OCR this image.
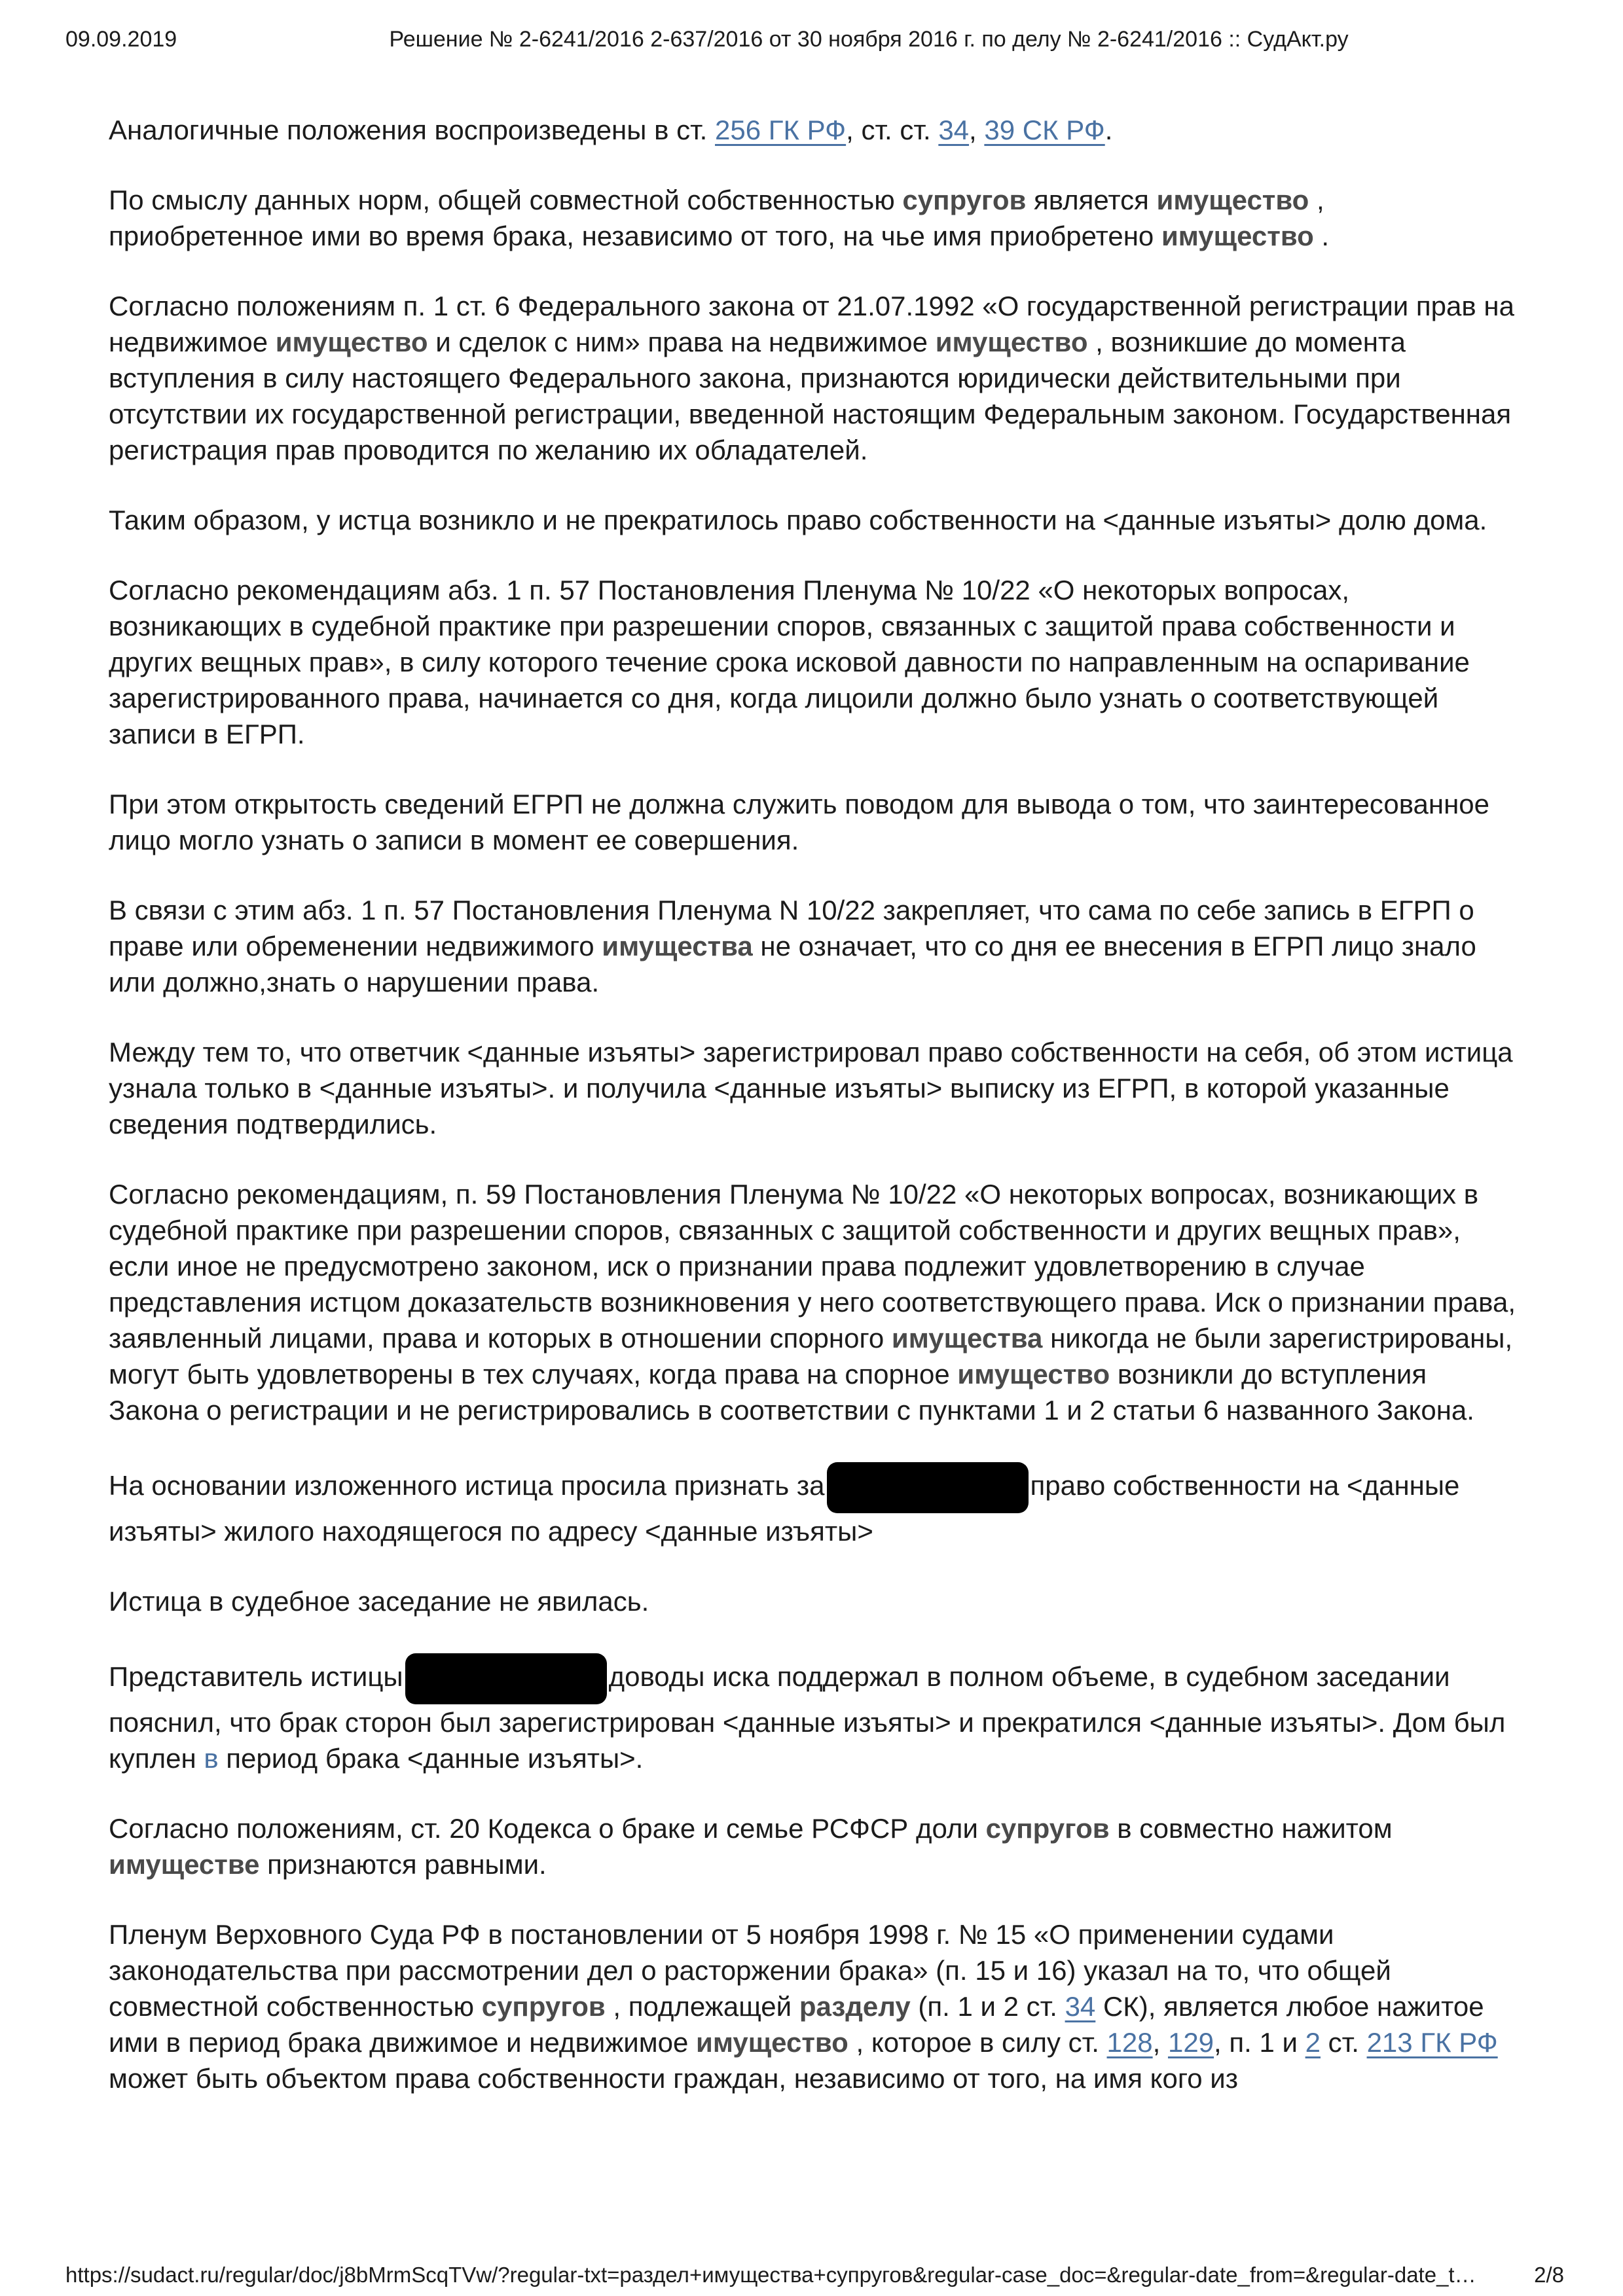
09.09.2019	Решение № 2-6241/2016 2-637/2016 от 30 ноября 2016 г. по делу № 2-6241/2016 :: СудАкт.ру

Аналогичные положения воспроизведены в ст. 256 ГК РФ, ст. ст. 34, 39 СК РФ.

По смыслу данных норм, общей совместной собственностью супругов является имущество , приобретенное ими во время брака, независимо от того, на чье имя приобретено имущество .

Согласно положениям п. 1 ст. 6 Федерального закона от 21.07.1992 «О государственной регистрации прав на недвижимое имущество и сделок с ним» права на недвижимое имущество , возникшие до момента вступления в силу настоящего Федерального закона, признаются юридически действительными при отсутствии их государственной регистрации, введенной настоящим Федеральным законом. Государственная регистрация прав проводится по желанию их обладателей.

Таким образом, у истца возникло и не прекратилось право собственности на <данные изъяты> долю дома.

Согласно рекомендациям абз. 1 п. 57 Постановления Пленума № 10/22 «О некоторых вопросах, возникающих в судебной практике при разрешении споров, связанных с защитой права собственности и других вещных прав», в силу которого течение срока исковой давности по направленным на оспаривание зарегистрированного права, начинается со дня, когда лицоили должно было узнать о соответствующей записи в ЕГРП.

При этом открытость сведений ЕГРП не должна служить поводом для вывода о том, что заинтересованное лицо могло узнать о записи в момент ее совершения.

В связи с этим абз. 1 п. 57 Постановления Пленума N 10/22 закрепляет, что сама по себе запись в ЕГРП о праве или обременении недвижимого имущества не означает, что со дня ее внесения в ЕГРП лицо знало или должно,знать о нарушении права.

Между тем то, что ответчик <данные изъяты> зарегистрировал право собственности на себя, об этом истица узнала только в <данные изъяты>. и получила <данные изъяты> выписку из ЕГРП, в которой указанные сведения подтвердились.

Согласно рекомендациям, п. 59 Постановления Пленума № 10/22 «О некоторых вопросах, возникающих в судебной практике при разрешении споров, связанных с защитой собственности и других вещных прав», если иное не предусмотрено законом, иск о признании права подлежит удовлетворению в случае представления истцом доказательств возникновения у него соответствующего права. Иск о признании права, заявленный лицами, права и которых в отношении спорного имущества никогда не были зарегистрированы, могут быть удовлетворены в тех случаях, когда права на спорное имущество возникли до вступления Закона о регистрации и не регистрировались в соответствии с пунктами 1 и 2 статьи 6 названного Закона.

На основании изложенного истица просила признать за	право собственности на <данные изъяты> жилого находящегося по адресу <данные изъяты>

Истица в судебное заседание не явилась.

Представитель истицы	доводы иска поддержал в полном объеме, в судебном заседании пояснил, что брак сторон был зарегистрирован <данные изъяты> и прекратился <данные изъяты>. Дом был куплен в период брака <данные изъяты>.

Согласно положениям, ст. 20 Кодекса о браке и семье РСФСР доли супругов в совместно нажитом имуществе признаются равными.

Пленум Верховного Суда РФ в постановлении от 5 ноября 1998 г. № 15 «О применении судами законодательства при рассмотрении дел о расторжении брака» (п. 15 и 16) указал на то, что общей совместной собственностью супругов , подлежащей разделу (п. 1 и 2 ст. 34 СК), является любое нажитое ими в период брака движимое и недвижимое имущество , которое в силу ст. 128, 129, п. 1 и 2 ст. 213 ГК РФ может быть объектом права собственности граждан, независимо от того, на имя кого из

https://sudact.ru/regular/doc/j8bMrmScqTVw/?regular-txt=раздел+имущества+супругов&regular-case_doc=&regular-date_from=&regular-date_t…	2/8
